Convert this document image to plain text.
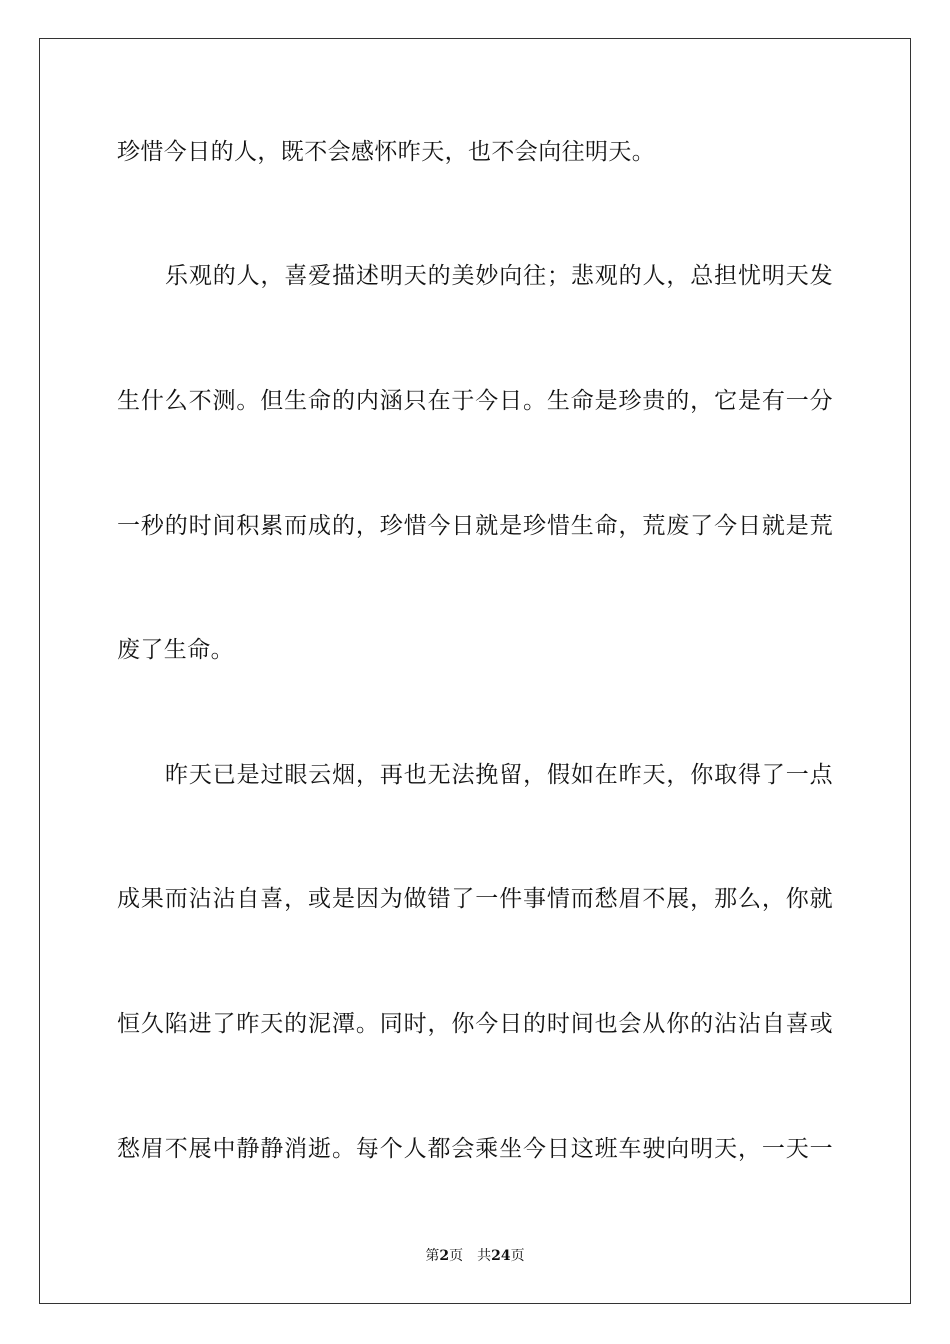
珍惜今日的人，既不会感怀昨天，也不会向往明天。
乐观的人，喜爱描述明天的美妙向往；悲观的人，总担忧明天发
生什么不测。但生命的内涵只在于今日。生命是珍贵的，它是有一分
一秒的时间积累而成的，珍惜今日就是珍惜生命，荒废了今日就是荒
废了生命。
昨天已是过眼云烟，再也无法挽留，假如在昨天，你取得了一点
成果而沾沾自喜，或是因为做错了一件事情而愁眉不展，那么，你就
恒久陷进了昨天的泥潭。同时，你今日的时间也会从你的沾沾自喜或
愁眉不展中静静消逝。每个人都会乘坐今日这班车驶向明天，一天一
第2页 共24页
